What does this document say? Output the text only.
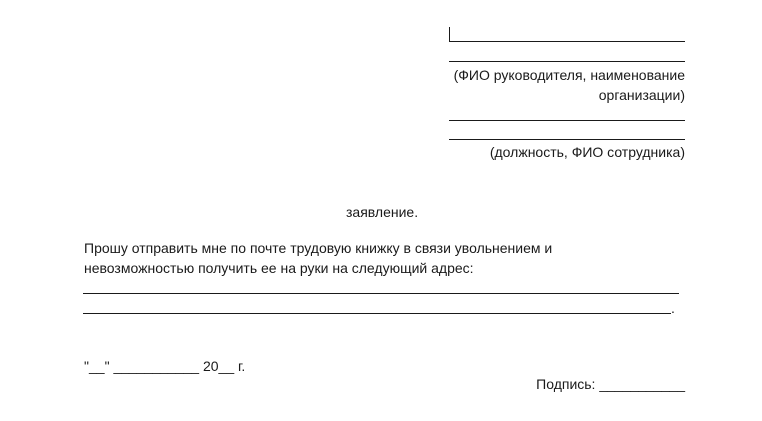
(ФИО руководителя, наименование
организации)
(должность, ФИО сотрудника)
заявление.
Прошу отправить мне по почте трудовую книжку в связи увольнением и
невозможностью получить ее на руки на следующий адрес:
.
"__" ___________ 20__ г.
Подпись: ___________
